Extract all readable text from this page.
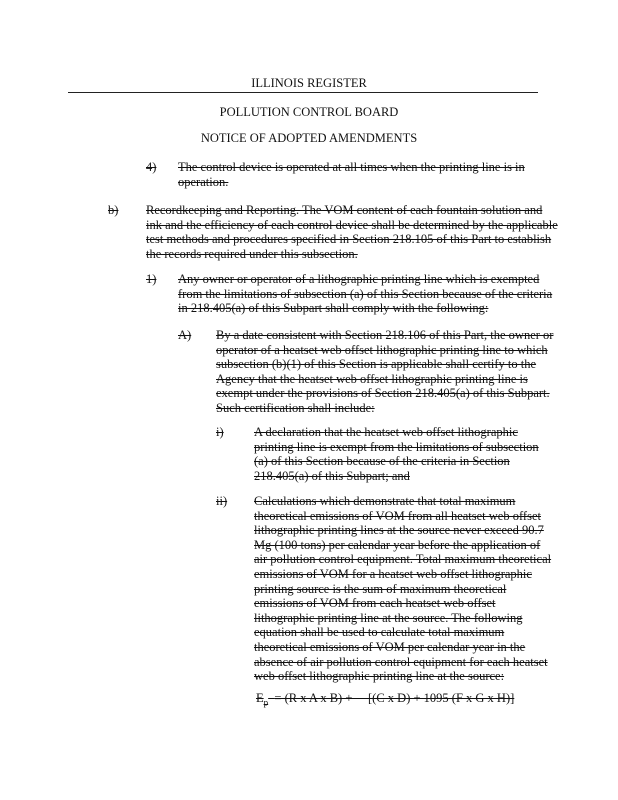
ILLINOIS REGISTER
POLLUTION CONTROL BOARD
NOTICE OF ADOPTED AMENDMENTS
4) The control device is operated at all times when the printing line is in

operation.

b) Recordkeeping and Reporting. The VOM content of each fountain solution and

ink and the efficiency of each control device shall be determined by the applicable

test methods and procedures specified in Section 218.105 of this Part to establish

the records required under this subsection.

1) Any owner or operator of a lithographic printing line which is exempted

from the limitations of subsection (a) of this Section because of the criteria

in 218.405(a) of this Subpart shall comply with the following:

A) By a date consistent with Section 218.106 of this Part, the owner or

operator of a heatset web offset lithographic printing line to which

subsection (b)(1) of this Section is applicable shall certify to the

Agency that the heatset web offset lithographic printing line is

exempt under the provisions of Section 218.405(a) of this Subpart.

Such certification shall include:

i) A declaration that the heatset web offset lithographic

printing line is exempt from the limitations of subsection

(a) of this Section because of the criteria in Section

218.405(a) of this Subpart; and

ii) Calculations which demonstrate that total maximum

theoretical emissions of VOM from all heatset web offset

lithographic printing lines at the source never exceed 90.7

Mg (100 tons) per calendar year before the application of

air pollution control equipment. Total maximum theoretical

emissions of VOM for a heatset web offset lithographic

printing source is the sum of maximum theoretical

emissions of VOM from each heatset web offset

lithographic printing line at the source. The following

equation shall be used to calculate total maximum

theoretical emissions of VOM per calendar year in the

absence of air pollution control equipment for each heatset

web offset lithographic printing line at the source:

$E_p = (R$ x A x B) +     [(C x D) + 1095 (F x G x H)]
